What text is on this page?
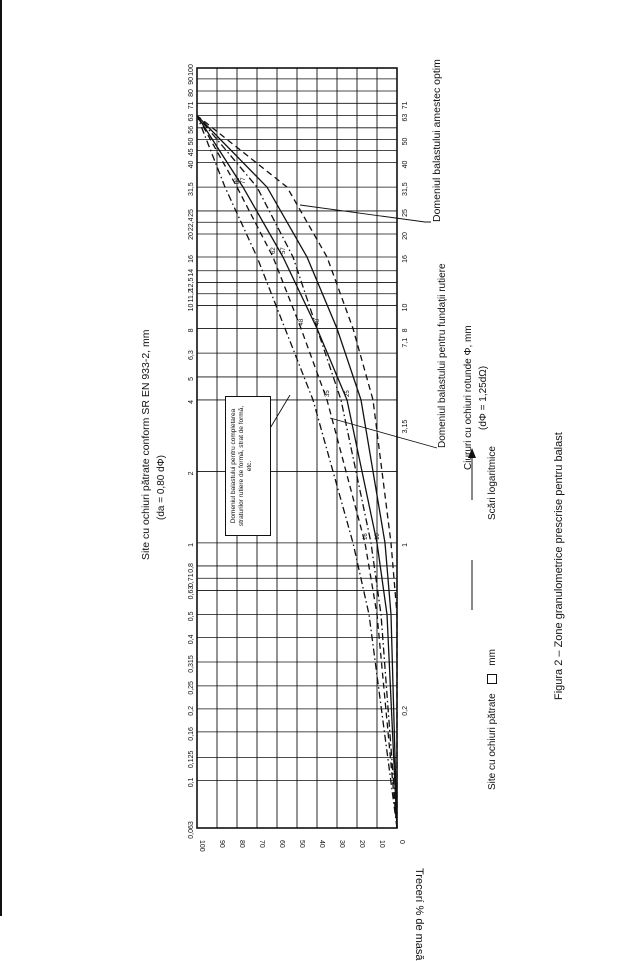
0
10
20
30
40
50
60
70
80
90
100
0,063
0,1
0,125
0,16
0,2
0,25
0,315
0,4
0,5
0,63
0,71
0,8
1
2
4
5
6,3
8
10
11,2
12,5
14
16
20
22,4
25
31,5
40
45
50
56
63
71
80
90
100
0,2
1
3,15
7,1
8
10
16
20
25
31,5
40
50
63
71
35 25
48 40
62 57
80 77
16 10
Site cu ochiuri pătrate conform SR EN 933-2, mm (da = 0,80 dΦ)
Trecerí % de masă
Ciururi cu ochiuri rotunde Φ, mm (dΦ = 1,25dΩ)
Scări logaritmice
Site cu ochiuri pătrate  mm	Figura 2 – Zone granulometrice prescrise pentru balast
Domeniul balastului amestec optim
Domeniul balastului pentru fundații rutiere
Domeniul balastului pentru completarea straturilor rutiere de formă, strat de formă, etc.
